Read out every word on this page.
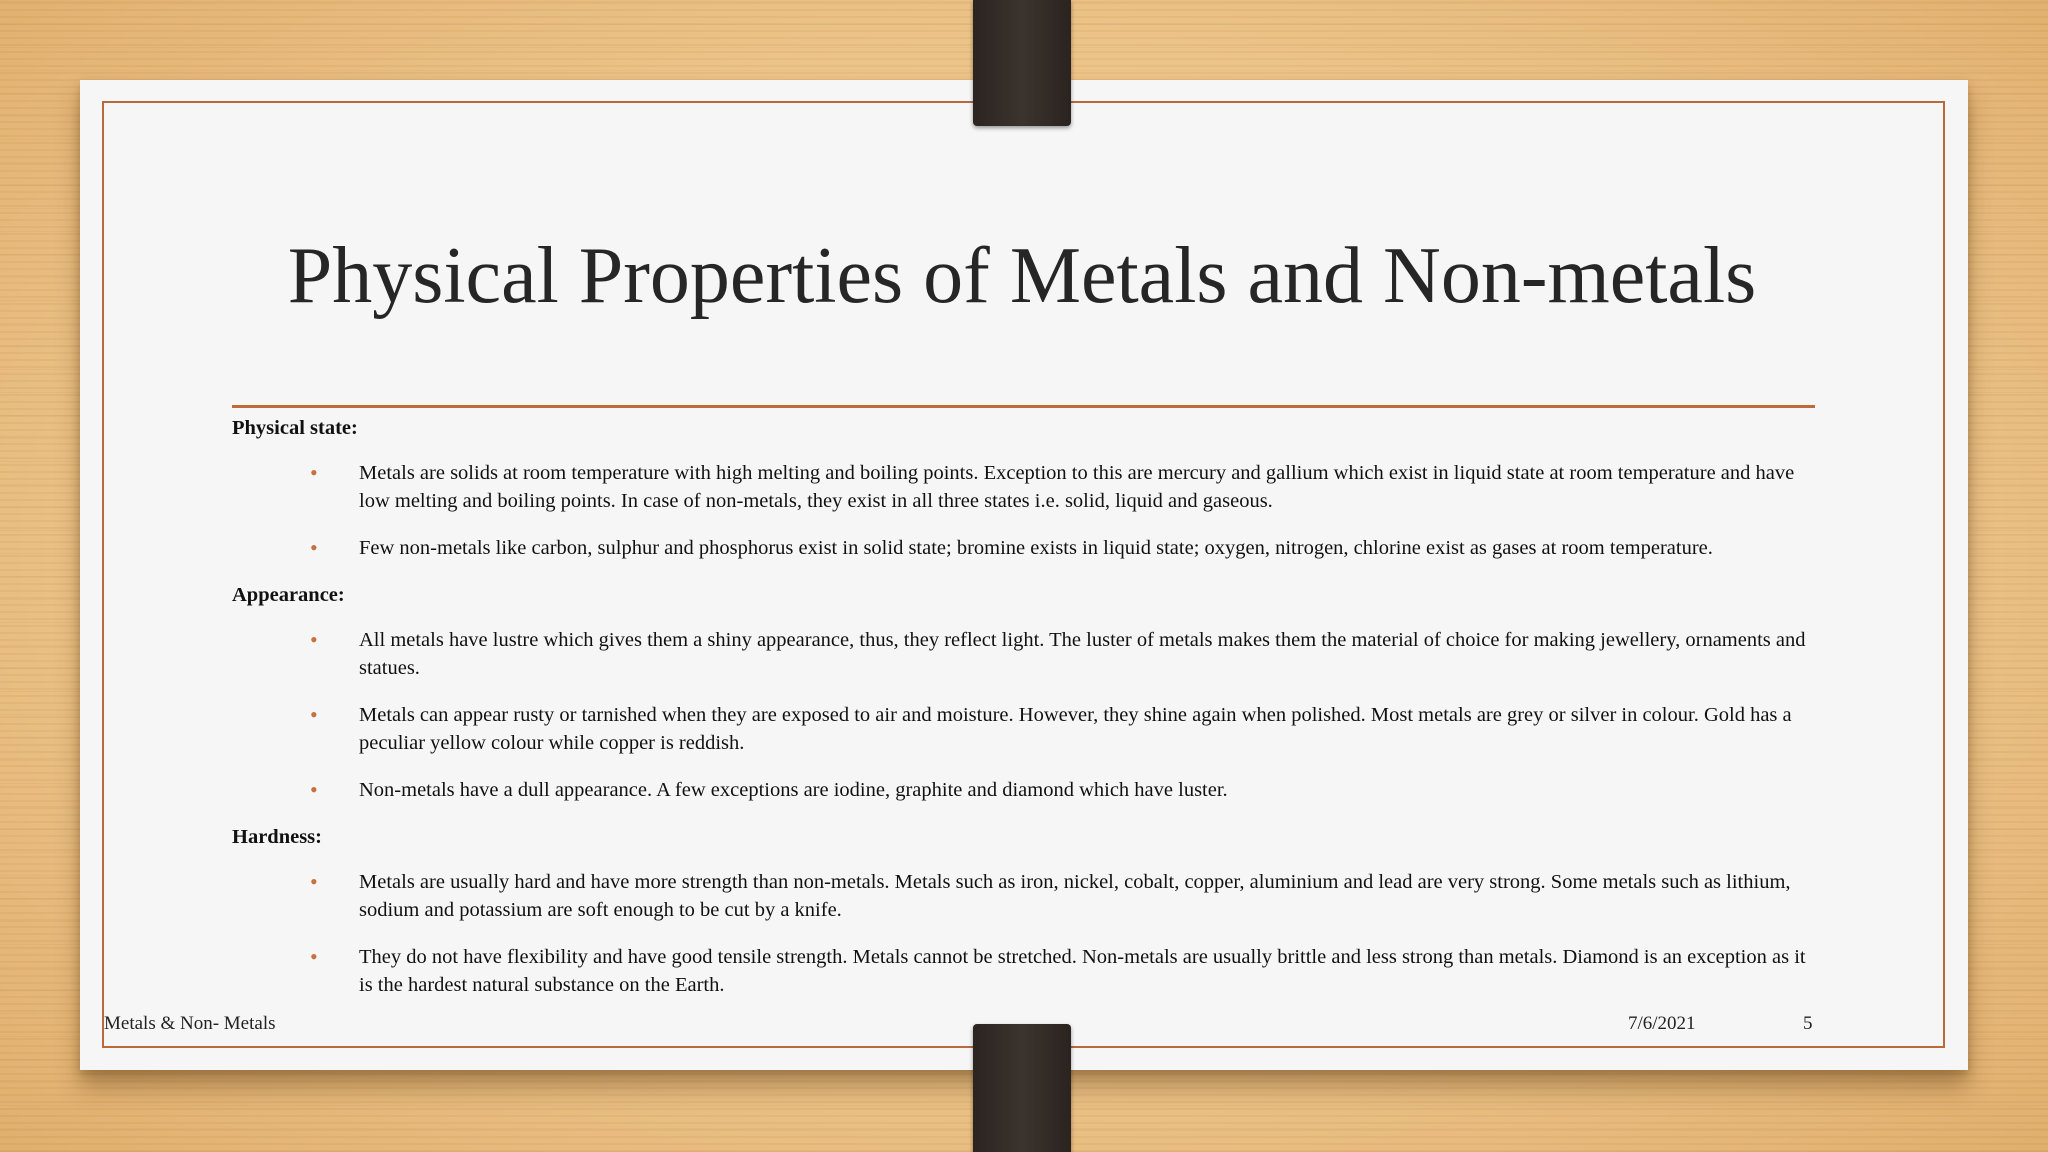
Physical Properties of Metals and Non-metals

Physical state:

• Metals are solids at room temperature with high melting and boiling points. Exception to this are mercury and gallium which exist in liquid state at room temperature and have low melting and boiling points. In case of non-metals, they exist in all three states i.e. solid, liquid and gaseous.
• Few non-metals like carbon, sulphur and phosphorus exist in solid state; bromine exists in liquid state; oxygen, nitrogen, chlorine exist as gases at room temperature.

Appearance:

• All metals have lustre which gives them a shiny appearance, thus, they reflect light. The luster of metals makes them the material of choice for making jewellery, ornaments and statues.
• Metals can appear rusty or tarnished when they are exposed to air and moisture. However, they shine again when polished. Most metals are grey or silver in colour. Gold has a peculiar yellow colour while copper is reddish.
• Non-metals have a dull appearance. A few exceptions are iodine, graphite and diamond which have luster.

Hardness:

• Metals are usually hard and have more strength than non-metals. Metals such as iron, nickel, cobalt, copper, aluminium and lead are very strong. Some metals such as lithium, sodium and potassium are soft enough to be cut by a knife.
• They do not have flexibility and have good tensile strength. Metals cannot be stretched. Non-metals are usually brittle and less strong than metals. Diamond is an exception as it is the hardest natural substance on the Earth.
Metals & Non- Metals	7/6/2021	5
